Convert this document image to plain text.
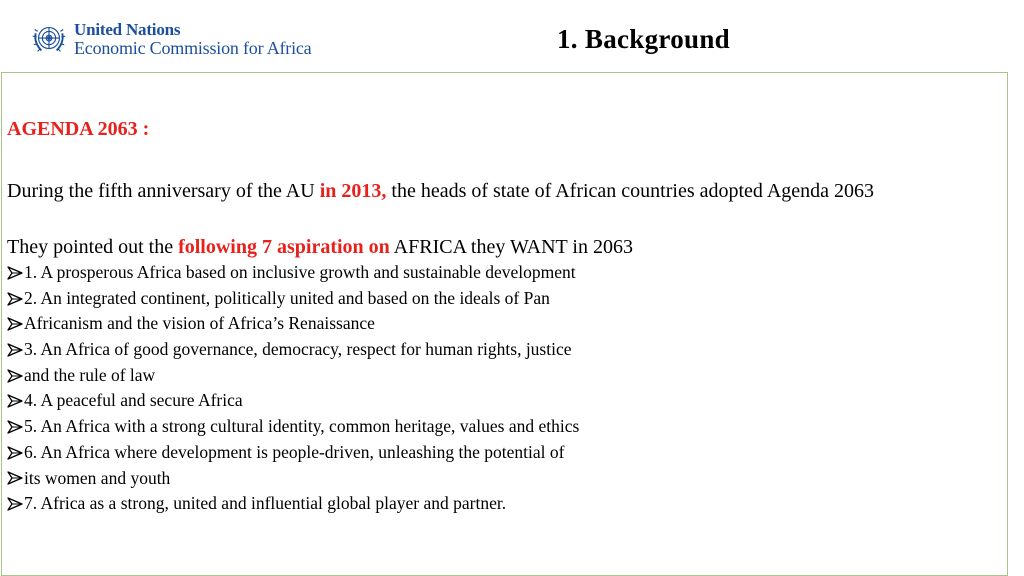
United Nations
Economic Commission for Africa	1. Background
AGENDA 2063 :
During the fifth anniversary of the AU in 2013, the heads of state of African countries adopted Agenda 2063
They pointed out the following 7 aspiration on AFRICA they WANT in 2063
1. A prosperous Africa based on inclusive growth and sustainable development
2. An integrated continent, politically united and based on the ideals of Pan
Africanism and the vision of Africa’s Renaissance
3. An Africa of good governance, democracy, respect for human rights, justice
and the rule of law
4. A peaceful and secure Africa
5. An Africa with a strong cultural identity, common heritage, values and ethics
6. An Africa where development is people-driven, unleashing the potential of
its women and youth
7. Africa as a strong, united and influential global player and partner.
